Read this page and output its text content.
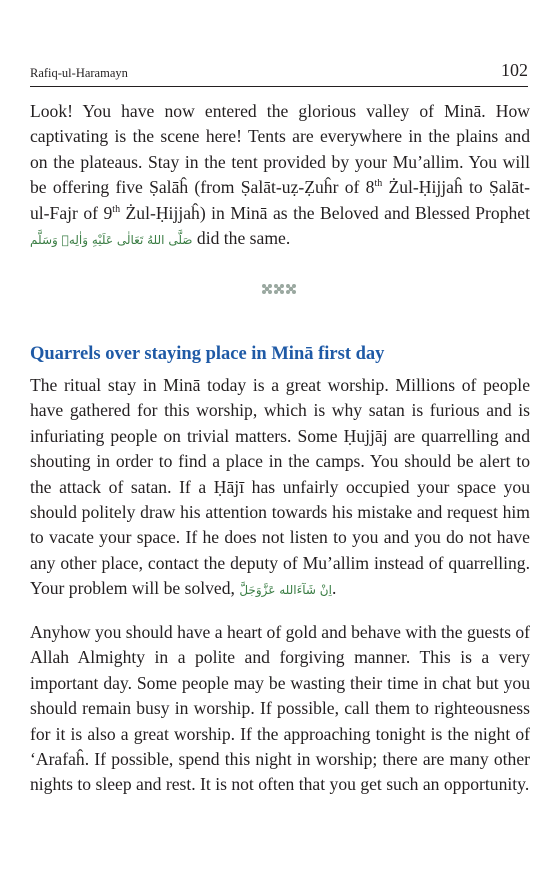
Rafiq-ul-Haramayn	102

Look! You have now entered the glorious valley of Minā. How captivating is the scene here! Tents are everywhere in the plains and on the plateaus. Stay in the tent provided by your Mu’allim. You will be offering five Ṣalāĥ (from Ṣalāt-uẓ-Ẓuĥr of 8th Żul-Ḥijjaĥ to Ṣalāt-ul-Fajr of 9th Żul-Ḥijjaĥ) in Minā as the Beloved and Blessed Prophet صَلَّى اللهُ تَعَالٰى عَلَيْهِ وَاٰلِهٖ وَسَلَّم did the same.

Quarrels over staying place in Minā first day

The ritual stay in Minā today is a great worship. Millions of people have gathered for this worship, which is why satan is furious and is infuriating people on trivial matters. Some Ḥujjāj are quarrelling and shouting in order to find a place in the camps. You should be alert to the attack of satan. If a Ḥājī has unfairly occupied your space you should politely draw his attention towards his mistake and request him to vacate your space. If he does not listen to you and you do not have any other place, contact the deputy of Mu’allim instead of quarrelling. Your problem will be solved, اِنْ شَآءَالله عَزَّوَجَلَّ.

Anyhow you should have a heart of gold and behave with the guests of Allah Almighty in a polite and forgiving manner. This is a very important day. Some people may be wasting their time in chat but you should remain busy in worship. If possible, call them to righteousness for it is also a great worship. If the approaching tonight is the night of ‘Arafaĥ. If possible, spend this night in worship; there are many other nights to sleep and rest. It is not often that you get such an opportunity.
